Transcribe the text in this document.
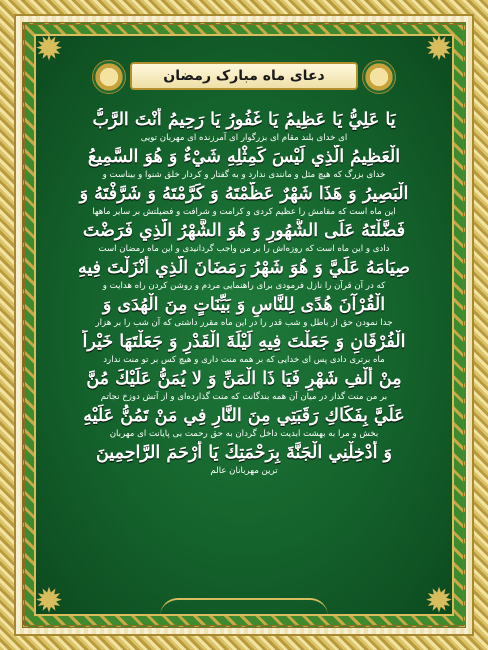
✹	✹
✹	✹
دعای ماه مبارک رمضان
يَا عَلِيُّ يَا عَظِيمُ يَا غَفُورُ يَا رَحِيمُ أَنْتَ الرَّبُّ
ای خدای بلند مقام ای بزرگوار ای آمرزنده ای مهربان تویی
الْعَظِيمُ الَّذِي لَيْسَ كَمِثْلِهِ شَيْءٌ وَ هُوَ السَّمِيعُ
خدای بزرگ که هیچ مثل و مانندی ندارد و به گفتار و کردار خلق شنوا و بیناست و
الْبَصِيرُ وَ هَذَا شَهْرٌ عَظَّمْتَهُ وَ كَرَّمْتَهُ وَ شَرَّفْتَهُ وَ
این ماه است که مقامش را عظیم کردی و کرامت و شرافت و فضیلتش بر سایر ماهها
فَضَّلْتَهُ عَلَى الشُّهُورِ وَ هُوَ الشَّهْرُ الَّذِي فَرَضْتَ
دادی و این ماه است که روزه‌اش را بر من واجب گردانیدی و این ماه رمضان است
صِيَامَهُ عَلَيَّ وَ هُوَ شَهْرُ رَمَضَانَ الَّذِي أَنْزَلْتَ فِيهِ
که در آن قرآن را نازل فرمودی برای راهنمایی مردم و روشن کردن راه هدایت و
الْقُرْآنَ هُدًى لِلنَّاسِ وَ بَيِّنَاتٍ مِنَ الْهُدَى وَ
جدا نمودن حق از باطل و شب قدر را در این ماه مقرر داشتی که آن شب را بر هزار
الْفُرْقَانِ وَ جَعَلْتَ فِيهِ لَيْلَةَ الْقَدْرِ وَ جَعَلْتَهَا خَيْراً
ماه برتری دادی پس ای خدایی که بر همه منت داری و هیچ کس بر تو منت ندارد
مِنْ أَلْفِ شَهْرٍ فَيَا ذَا الْمَنِّ وَ لا يُمَنُّ عَلَيْكَ مُنَّ
بر من منت گذار در میان آن همه بندگانت که منت گذارده‌ای و از آتش دوزخ نجاتم
عَلَيَّ بِفَكَاكِ رَقَبَتِي مِنَ النَّارِ فِي مَنْ تَمُنُّ عَلَيْهِ
بخش و مرا به بهشت ابدیت داخل گردان به حق رحمت بی پایانت ای مهربان
وَ أَدْخِلْنِي الْجَنَّةَ بِرَحْمَتِكَ يَا أَرْحَمَ الرَّاحِمِينَ
ترین مهربانان عالم
